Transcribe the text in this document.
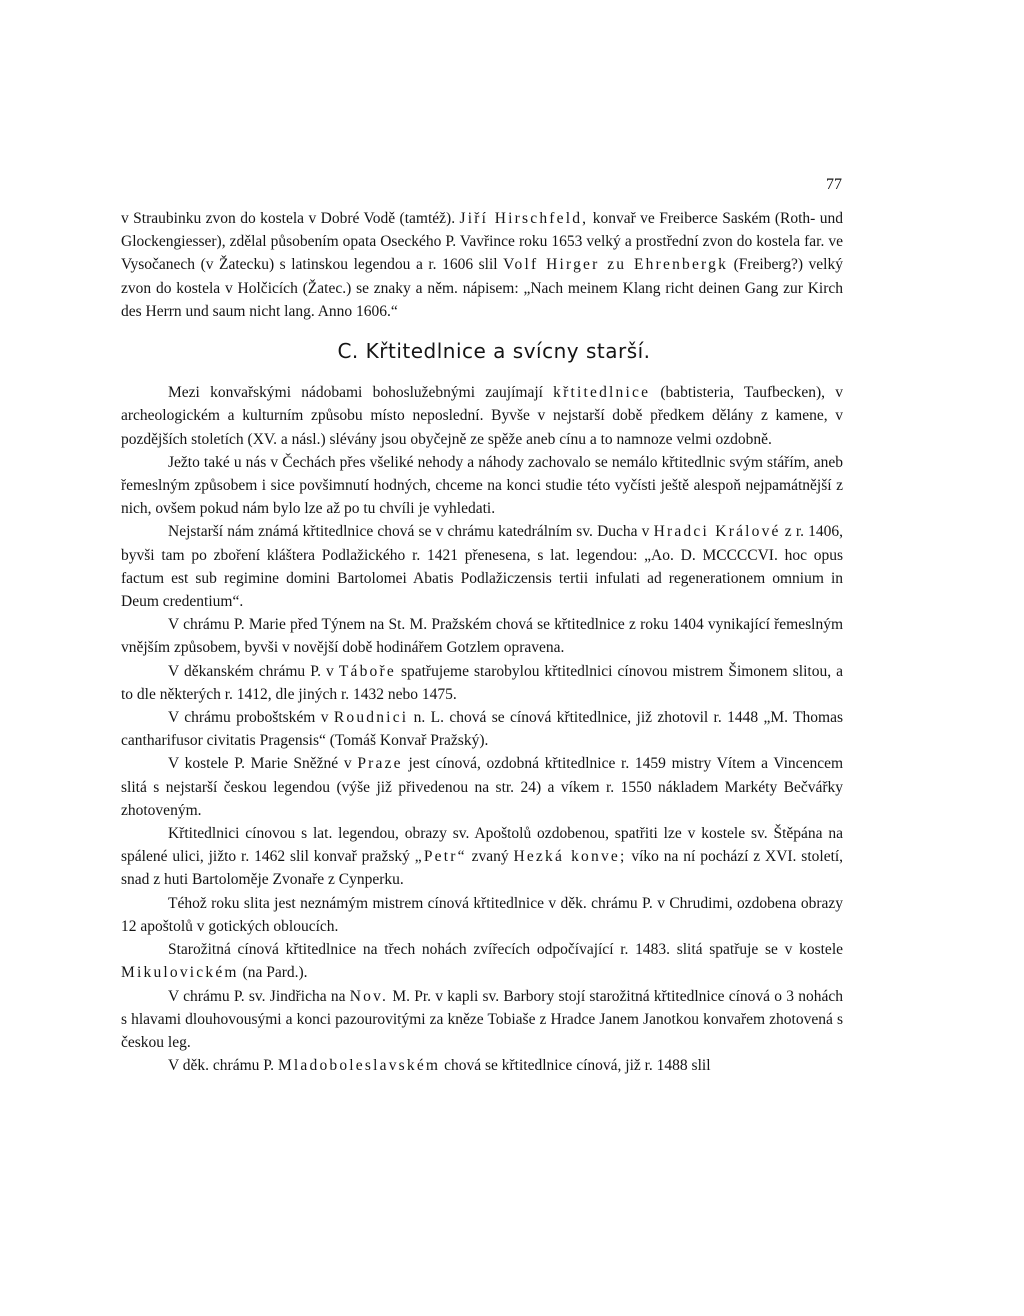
77

v Straubinku zvon do kostela v Dobré Vodě (tamtéž). Jiří Hirschfeld, konvař ve Freiberce Saském (Roth- und Glockengiesser), zdělal působením opata Oseckého P. Vavřince roku 1653 velký a prostřední zvon do kostela far. ve Vysočanech (v Žatecku) s latinskou legendou a r. 1606 slil Volf Hirger zu Ehrenbergk (Freiberg?) velký zvon do kostela v Holčicích (Žatec.) se znaky a něm. nápisem: „Nach meinem Klang richt deinen Gang zur Kirch des Herrn und saum nicht lang. Anno 1606.“

C. Křtitedlnice a svícny starší.

Mezi konvařskými nádobami bohoslužebnými zaujímají křtitedlnice (babtisteria, Taufbecken), v archeologickém a kulturním způsobu místo neposlední. Byvše v nejstarší době předkem dělány z kamene, v pozdějších stoletích (XV. a násl.) slévány jsou obyčejně ze spěže aneb cínu a to namnoze velmi ozdobně.

Ježto také u nás v Čechách přes všeliké nehody a náhody zachovalo se nemálo křtitedlnic svým stářím, aneb řemeslným způsobem i sice povšimnutí hodných, chceme na konci studie této vyčísti ještě alespoň nejpamátnější z nich, ovšem pokud nám bylo lze až po tu chvíli je vyhledati.

Nejstarší nám známá křtitedlnice chová se v chrámu katedrálním sv. Ducha v Hradci Králové z r. 1406, byvši tam po zboření kláštera Podlažického r. 1421 přenesena, s lat. legendou: „Ao. D. MCCCCVI. hoc opus factum est sub regimine domini Bartolomei Abatis Podlažiczensis tertii infulati ad regenerationem omnium in Deum credentium“.

V chrámu P. Marie před Týnem na St. M. Pražském chová se křtitedlnice z roku 1404 vynikající řemeslným vnějším způsobem, byvši v novější době hodinářem Gotzlem opravena.

V děkanském chrámu P. v Táboře spatřujeme starobylou křtitedlnici cínovou mistrem Šimonem slitou, a to dle některých r. 1412, dle jiných r. 1432 nebo 1475.

V chrámu proboštském v Roudnici n. L. chová se cínová křtitedlnice, již zhotovil r. 1448 „M. Thomas cantharifusor civitatis Pragensis“ (Tomáš Konvař Pražský).

V kostele P. Marie Sněžné v Praze jest cínová, ozdobná křtitedlnice r. 1459 mistry Vítem a Vincencem slitá s nejstarší českou legendou (výše již přivedenou na str. 24) a víkem r. 1550 nákladem Markéty Bečvářky zhotoveným.

Křtitedlnici cínovou s lat. legendou, obrazy sv. Apoštolů ozdobenou, spatřiti lze v kostele sv. Štěpána na spálené ulici, jižto r. 1462 slil konvař pražský „Petr“ zvaný Hezká konve; víko na ní pochází z XVI. století, snad z huti Bartoloměje Zvonaře z Cynperku.

Téhož roku slita jest neznámým mistrem cínová křtitedlnice v děk. chrámu P. v Chrudimi, ozdobena obrazy 12 apoštolů v gotických obloucích.

Starožitná cínová křtitedlnice na třech nohách zvířecích odpočívající r. 1483. slitá spatřuje se v kostele Mikulovickém (na Pard.).

V chrámu P. sv. Jindřicha na Nov. M. Pr. v kapli sv. Barbory stojí starožitná křtitedlnice cínová o 3 nohách s hlavami dlouhovousými a konci pazourovitými za kněze Tobiaše z Hradce Janem Janotkou konvařem zhotovená s českou leg.

V děk. chrámu P. Mladoboleslavském chová se křtitedlnice cínová, již r. 1488 slil
